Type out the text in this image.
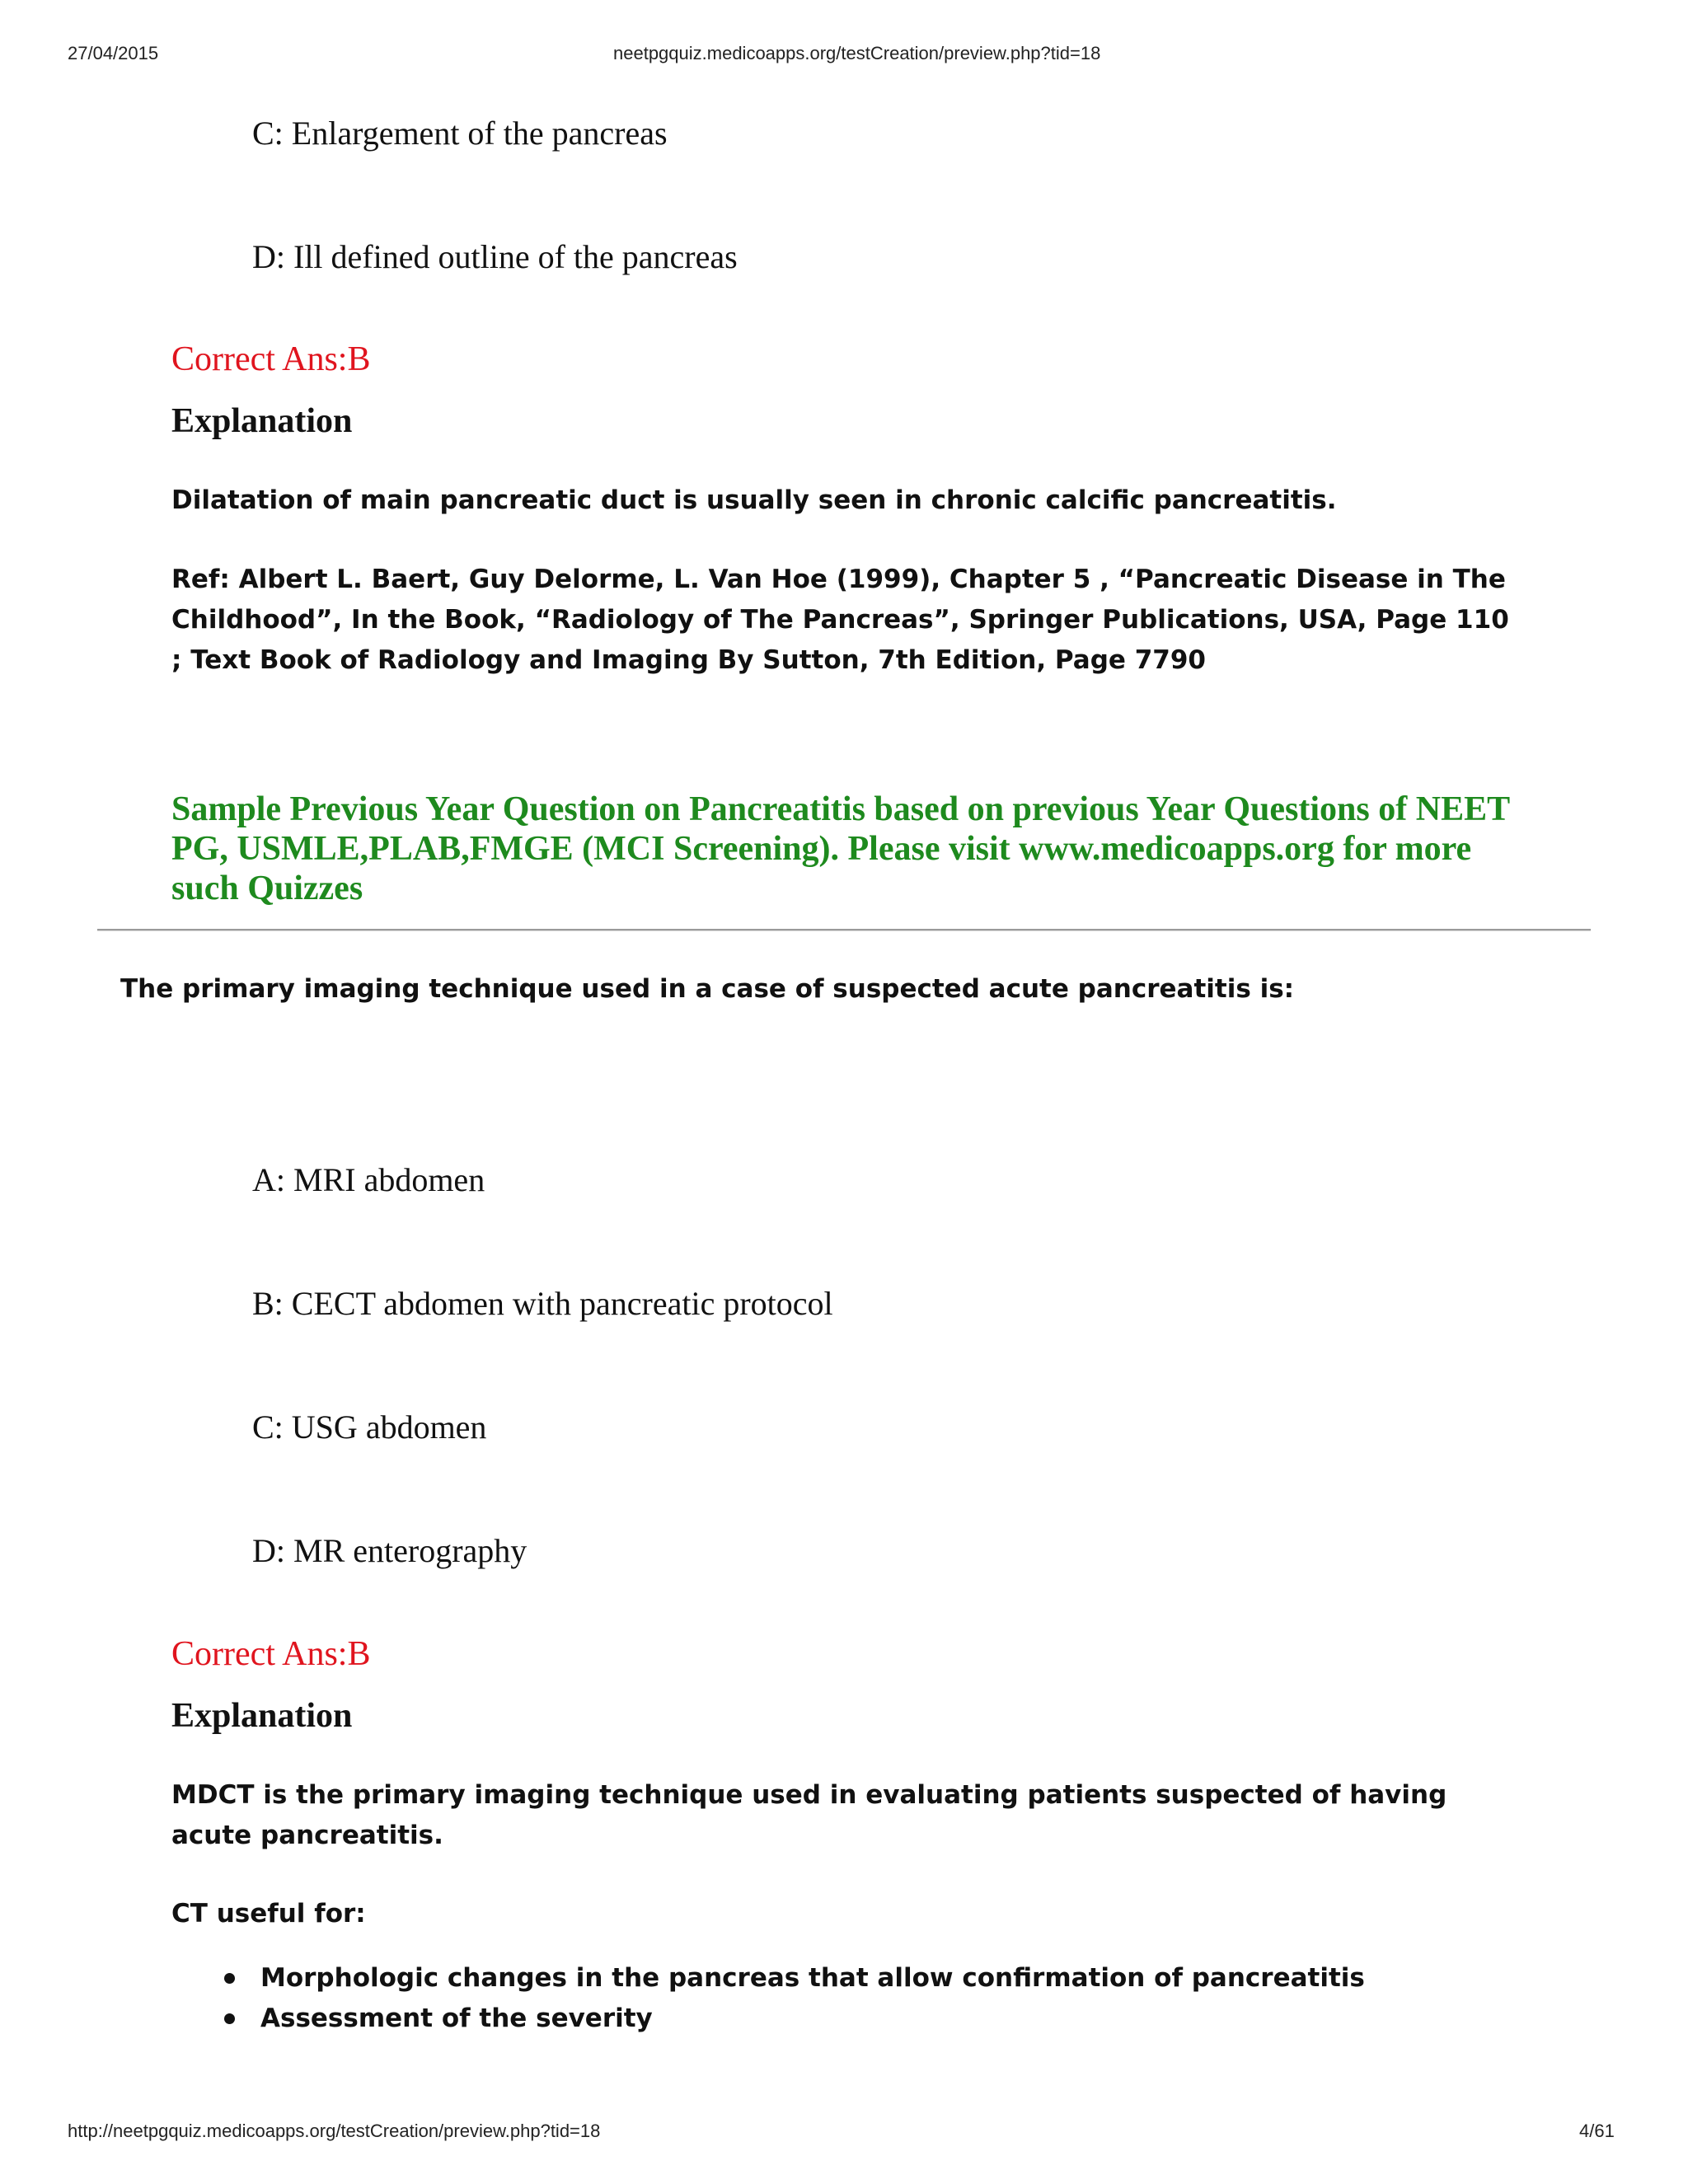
27/04/2015	neetpgquiz.medicoapps.org/testCreation/preview.php?tid=18
C: Enlargement of the pancreas
D: Ill defined outline of the pancreas
Correct Ans:B
Explanation
Dilatation of main pancreatic duct is usually seen in chronic calcific pancreatitis.
Ref: Albert L. Baert, Guy Delorme, L. Van Hoe (1999), Chapter 5 , “Pancreatic Disease in The Childhood”, In the Book, “Radiology of The Pancreas”, Springer Publications, USA, Page 110 ; Text Book of Radiology and Imaging By Sutton, 7th Edition, Page 7790
Sample Previous Year Question on Pancreatitis based on previous Year Questions of NEET PG, USMLE,PLAB,FMGE (MCI Screening). Please visit www.medicoapps.org for more such Quizzes
The primary imaging technique used in a case of suspected acute pancreatitis is:
A: MRI abdomen
B: CECT abdomen with pancreatic protocol
C: USG abdomen
D: MR enterography
Correct Ans:B
Explanation
MDCT is the primary imaging technique used in evaluating patients suspected of having acute pancreatitis.
CT useful for:
Morphologic changes in the pancreas that allow confirmation of pancreatitis
Assessment of the severity
http://neetpgquiz.medicoapps.org/testCreation/preview.php?tid=18	4/61
